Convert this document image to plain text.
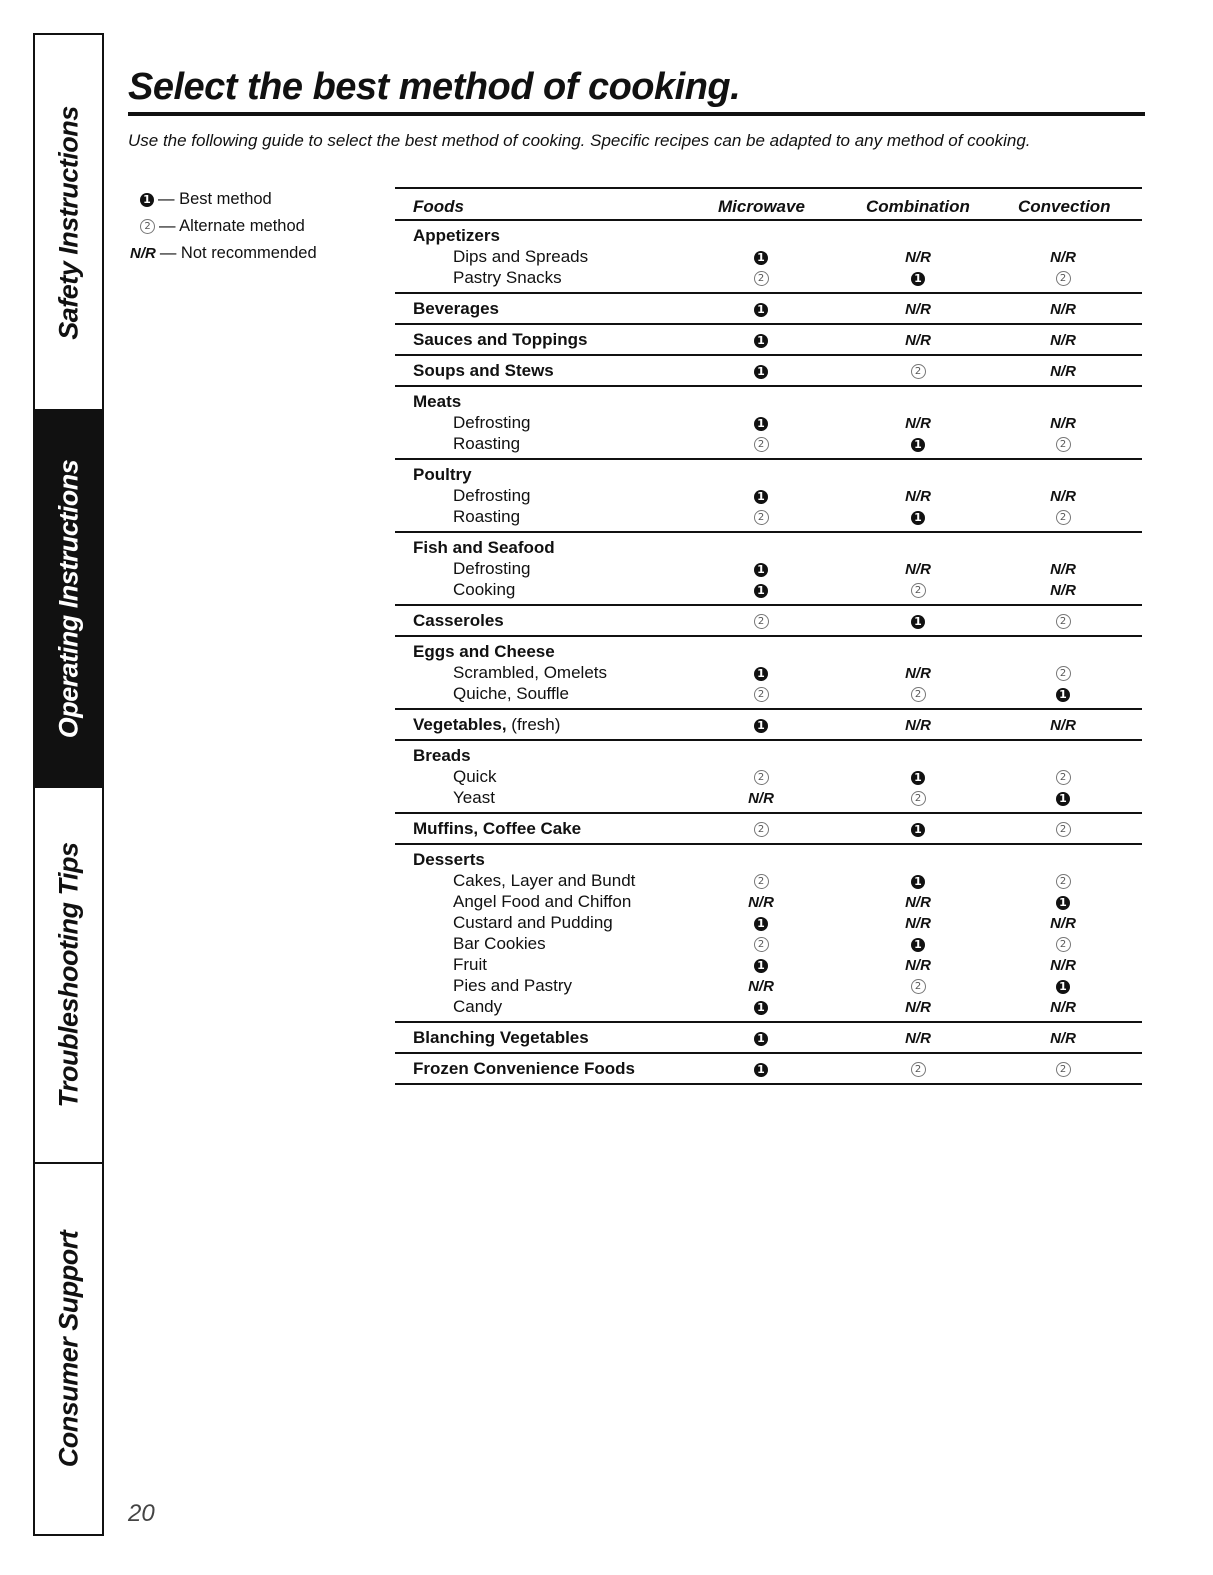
Safety Instructions
Operating Instructions
Troubleshooting Tips
Consumer Support
Select the best method of cooking.
Use the following guide to select the best method of cooking. Specific recipes can be adapted to any method of cooking.
1 — Best method
2 — Alternate method
N/R — Not recommended
Foods	Microwave	Combination	Convection
Appetizers
Dips and Spreads	1	N/R	N/R
Pastry Snacks	2	1	2
Beverages	1	N/R	N/R
Sauces and Toppings	1	N/R	N/R
Soups and Stews	1	2	N/R
Meats
Defrosting	1	N/R	N/R
Roasting	2	1	2
Poultry
Defrosting	1	N/R	N/R
Roasting	2	1	2
Fish and Seafood
Defrosting	1	N/R	N/R
Cooking	1	2	N/R
Casseroles	2	1	2
Eggs and Cheese
Scrambled, Omelets	1	N/R	2
Quiche, Souffle	2	2	1
Vegetables, (fresh)	1	N/R	N/R
Breads
Quick	2	1	2
Yeast	N/R	2	1
Muffins, Coffee Cake	2	1	2
Desserts
Cakes, Layer and Bundt	2	1	2
Angel Food and Chiffon	N/R	N/R	1
Custard and Pudding	1	N/R	N/R
Bar Cookies	2	1	2
Fruit	1	N/R	N/R
Pies and Pastry	N/R	2	1
Candy	1	N/R	N/R
Blanching Vegetables	1	N/R	N/R
Frozen Convenience Foods	1	2	2
20
